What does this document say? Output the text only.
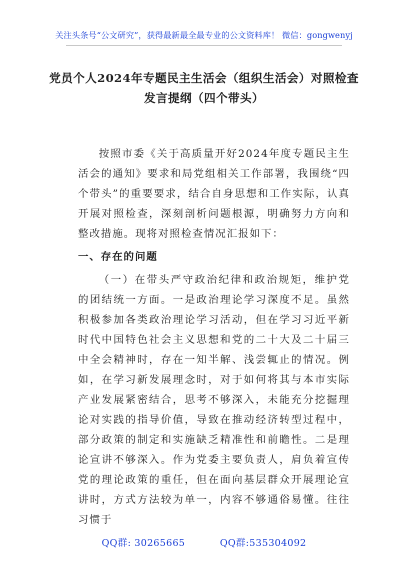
关注头条号“公文研究”，获得最新最全最专业的公文资料库！ 微信：gongwenyj
党员个人2024年专题民主生活会（组织生活会）对照检查
发言提纲（四个带头）

按照市委《关于高质量开好2024年度专题民主生活会的通知》要求和局党组相关工作部署，我围绕“四个带头”的重要要求，结合自身思想和工作实际，认真开展对照检查，深刻剖析问题根源，明确努力方向和整改措施。现将对照检查情况汇报如下：

一、存在的问题

（一）在带头严守政治纪律和政治规矩，维护党的团结统一方面。一是政治理论学习深度不足。虽然积极参加各类政治理论学习活动，但在学习习近平新时代中国特色社会主义思想和党的二十大及二十届三中全会精神时，存在一知半解、浅尝辄止的情况。例如，在学习新发展理念时，对于如何将其与本市实际产业发展紧密结合，思考不够深入，未能充分挖掘理论对实践的指导价值，导致在推动经济转型过程中，部分政策的制定和实施缺乏精准性和前瞻性。二是理论宣讲不够深入。作为党委主要负责人，肩负着宣传党的理论政策的重任，但在面向基层群众开展理论宣讲时，方式方法较为单一，内容不够通俗易懂。往往习惯于

QQ群: 30265665	QQ群:535304092
